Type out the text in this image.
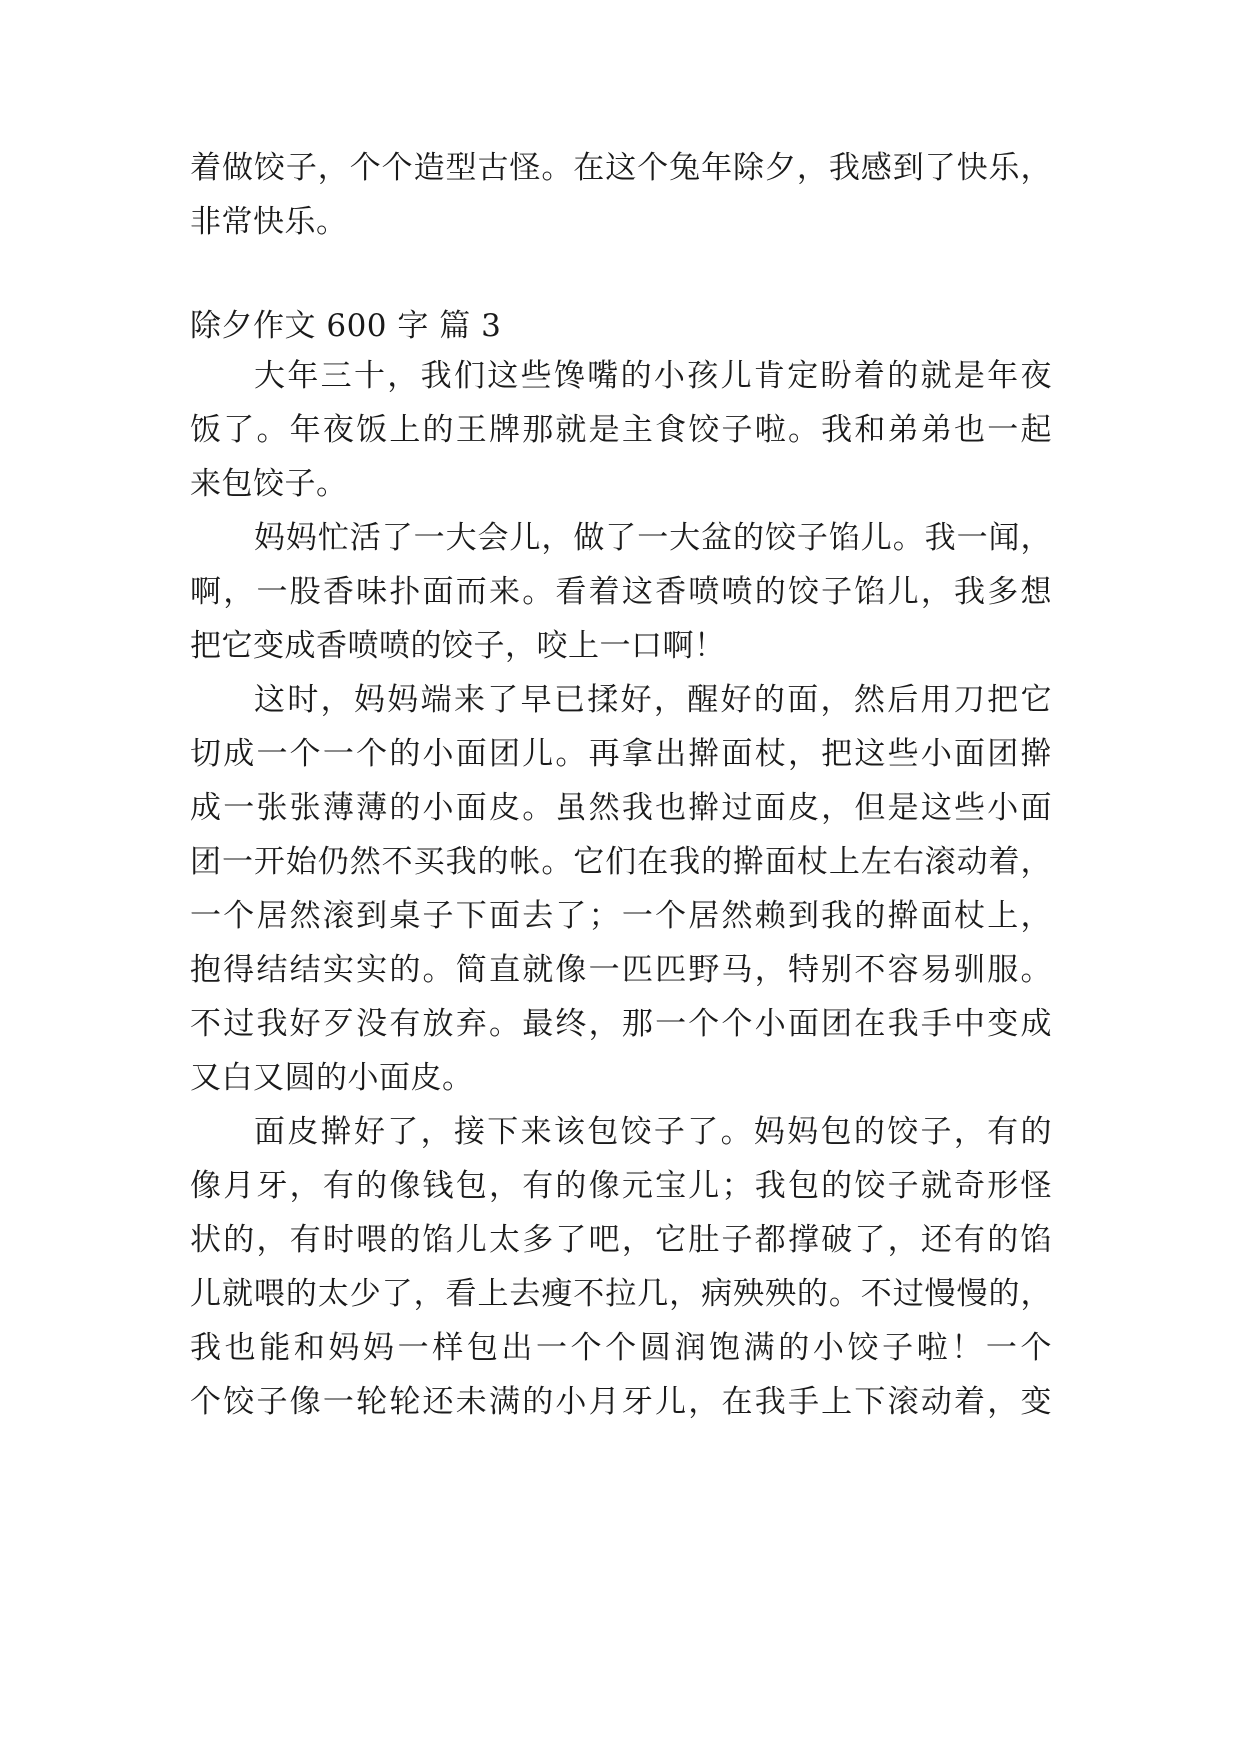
着做饺子，个个造型古怪。在这个兔年除夕，我感到了快乐，
非常快乐。
除夕作文 600 字 篇 3
大年三十，我们这些馋嘴的小孩儿肯定盼着的就是年夜
饭了。年夜饭上的王牌那就是主食饺子啦。我和弟弟也一起
来包饺子。
妈妈忙活了一大会儿，做了一大盆的饺子馅儿。我一闻，
啊，一股香味扑面而来。看着这香喷喷的饺子馅儿，我多想
把它变成香喷喷的饺子，咬上一口啊！
这时，妈妈端来了早已揉好，醒好的面，然后用刀把它
切成一个一个的小面团儿。再拿出擀面杖，把这些小面团擀
成一张张薄薄的小面皮。虽然我也擀过面皮，但是这些小面
团一开始仍然不买我的帐。它们在我的擀面杖上左右滚动着，
一个居然滚到桌子下面去了；一个居然赖到我的擀面杖上，
抱得结结实实的。简直就像一匹匹野马，特别不容易驯服。
不过我好歹没有放弃。最终，那一个个小面团在我手中变成
又白又圆的小面皮。
面皮擀好了，接下来该包饺子了。妈妈包的饺子，有的
像月牙，有的像钱包，有的像元宝儿；我包的饺子就奇形怪
状的，有时喂的馅儿太多了吧，它肚子都撑破了，还有的馅
儿就喂的太少了，看上去瘦不拉几，病殃殃的。不过慢慢的，
我也能和妈妈一样包出一个个圆润饱满的小饺子啦！一个
个饺子像一轮轮还未满的小月牙儿，在我手上下滚动着，变
